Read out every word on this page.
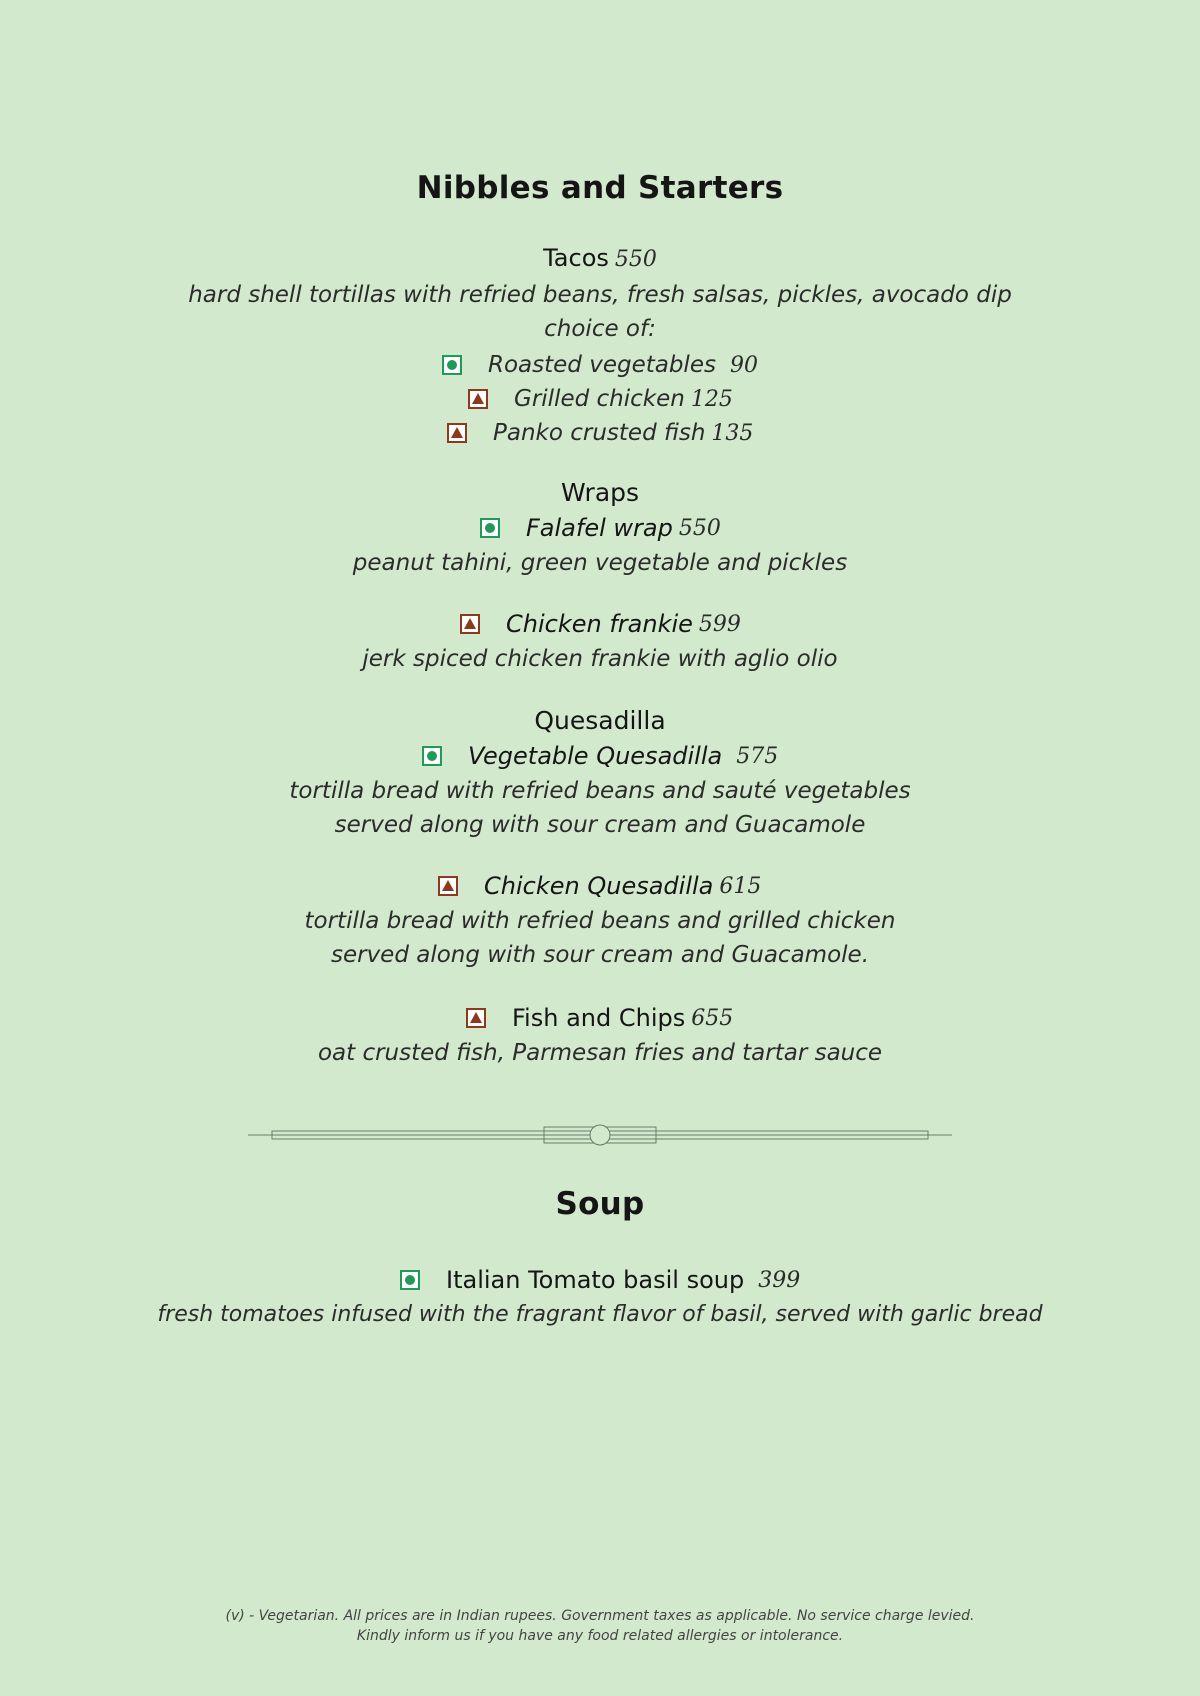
Nibbles and Starters
Tacos 550
hard shell tortillas with refried beans, fresh salsas, pickles, avocado dip
choice of:
Roasted vegetables 90
Grilled chicken 125
Panko crusted fish 135
Wraps
Falafel wrap 550
peanut tahini, green vegetable and pickles
Chicken frankie 599
jerk spiced chicken frankie with aglio olio
Quesadilla
Vegetable Quesadilla 575
tortilla bread with refried beans and sauté vegetables
served along with sour cream and Guacamole
Chicken Quesadilla 615
tortilla bread with refried beans and grilled chicken
served along with sour cream and Guacamole.
Fish and Chips 655
oat crusted fish, Parmesan fries and tartar sauce
Soup
Italian Tomato basil soup 399
fresh tomatoes infused with the fragrant flavor of basil, served with garlic bread
(v) - Vegetarian. All prices are in Indian rupees. Government taxes as applicable. No service charge levied.
Kindly inform us if you have any food related allergies or intolerance.
